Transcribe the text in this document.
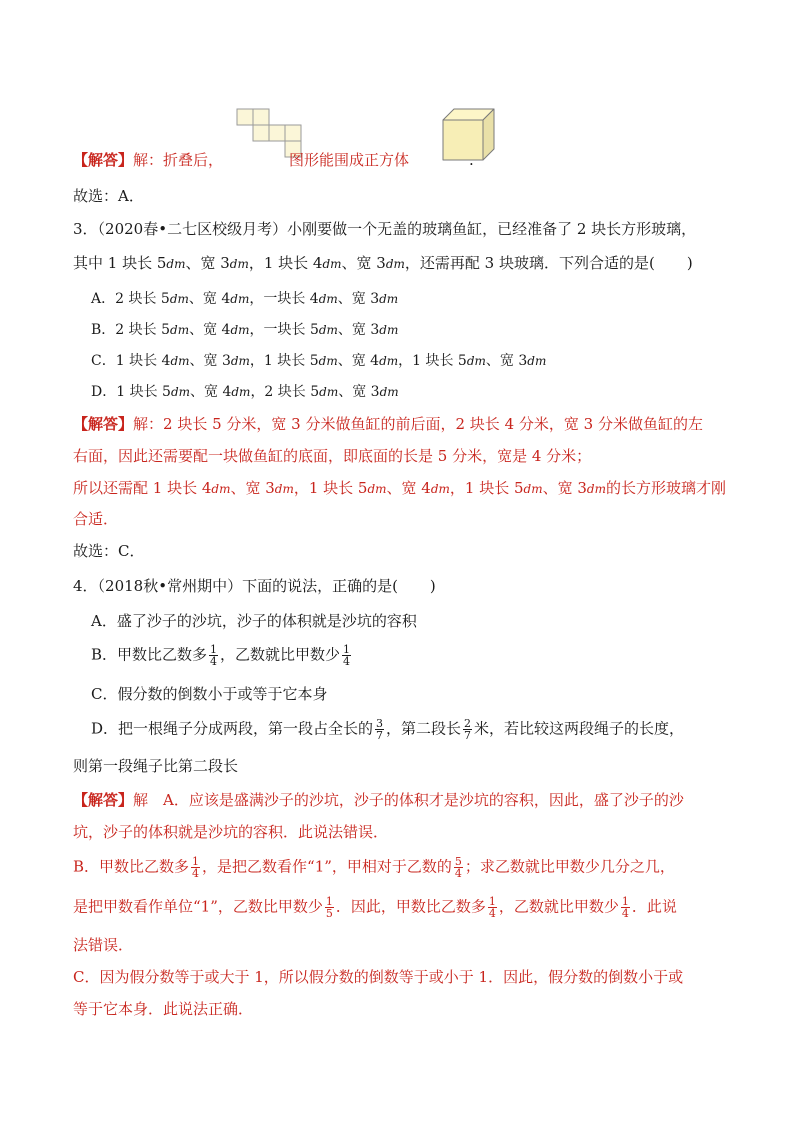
【解答】解：折叠后，	图形能围成正方体	.
故选：A．
3．（2020春•二七区校级月考）小刚要做一个无盖的玻璃鱼缸，已经准备了 2 块长方形玻璃，
其中 1 块长 5dm、宽 3dm，1 块长 4dm、宽 3dm，还需再配 3 块玻璃．下列合适的是( )
A．2 块长 5dm、宽 4dm，一块长 4dm、宽 3dm
B．2 块长 5dm、宽 4dm，一块长 5dm、宽 3dm
C．1 块长 4dm、宽 3dm，1 块长 5dm、宽 4dm，1 块长 5dm、宽 3dm
D．1 块长 5dm、宽 4dm，2 块长 5dm、宽 3dm
【解答】解：2 块长 5 分米，宽 3 分米做鱼缸的前后面，2 块长 4 分米，宽 3 分米做鱼缸的左
右面，因此还需要配一块做鱼缸的底面，即底面的长是 5 分米，宽是 4 分米；
所以还需配 1 块长 4dm、宽 3dm，1 块长 5dm、宽 4dm，1 块长 5dm、宽 3dm的长方形玻璃才刚
合适．
故选：C．
4．（2018秋•常州期中）下面的说法，正确的是( )
A．盛了沙子的沙坑，沙子的体积就是沙坑的容积
B．甲数比乙数多 $\frac{1}{4}$ ，乙数就比甲数少 $\frac{1}{4}$
C．假分数的倒数小于或等于它本身
D．把一根绳子分成两段，第一段占全长的 $\frac{3}{7}$ ，第二段长 $\frac{2}{7}$ 米，若比较这两段绳子的长度，
则第一段绳子比第二段长
【解答】解　A．应该是盛满沙子的沙坑，沙子的体积才是沙坑的容积，因此，盛了沙子的沙
坑，沙子的体积就是沙坑的容积．此说法错误．
B．甲数比乙数多 $\frac{1}{4}$ ，是把乙数看作“1”，甲相对于乙数的 $\frac{5}{4}$ ；求乙数就比甲数少几分之几，
是把甲数看作单位“1”，乙数比甲数少 $\frac{1}{5}$ ．因此，甲数比乙数多 $\frac{1}{4}$ ，乙数就比甲数少 $\frac{1}{4}$ ．此说
法错误．
C．因为假分数等于或大于 1，所以假分数的倒数等于或小于 1．因此，假分数的倒数小于或
等于它本身．此说法正确．
